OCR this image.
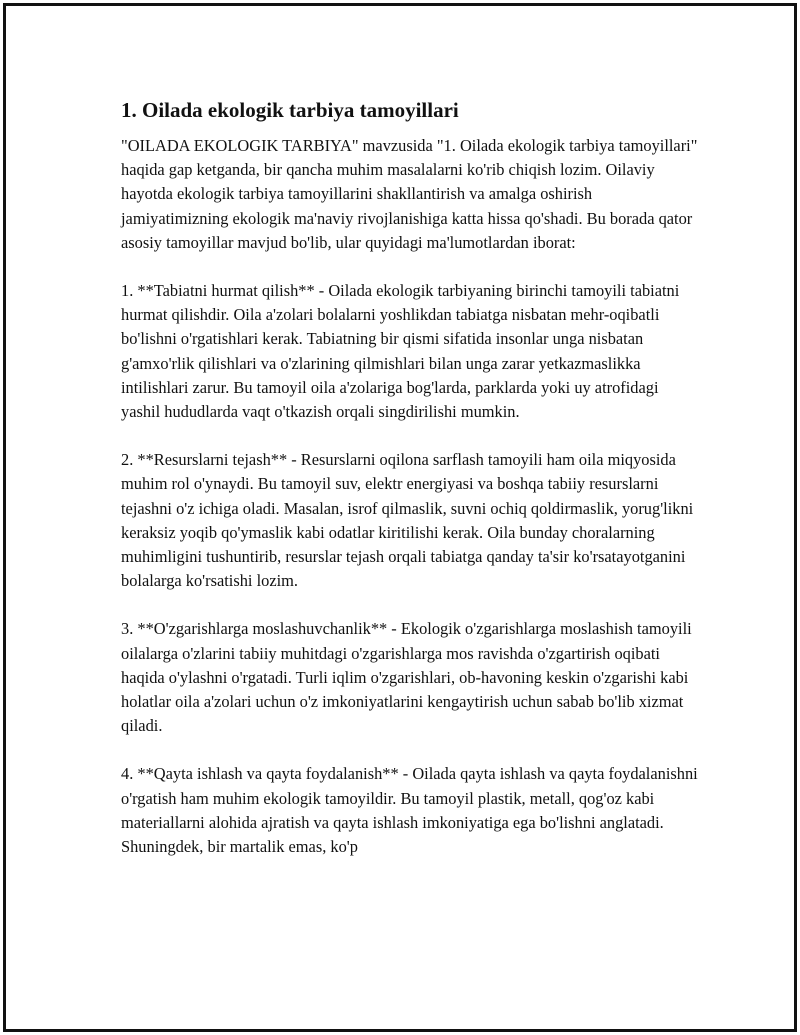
1. Oilada ekologik tarbiya tamoyillari

"OILADA EKOLOGIK TARBIYA" mavzusida "1. Oilada ekologik tarbiya tamoyillari" haqida gap ketganda, bir qancha muhim masalalarni ko'rib chiqish lozim. Oilaviy hayotda ekologik tarbiya tamoyillarini shakllantirish va amalga oshirish jamiyatimizning ekologik ma'naviy rivojlanishiga katta hissa qo'shadi. Bu borada qator asosiy tamoyillar mavjud bo'lib, ular quyidagi ma'lumotlardan iborat:

1. **Tabiatni hurmat qilish** - Oilada ekologik tarbiyaning birinchi tamoyili tabiatni hurmat qilishdir. Oila a'zolari bolalarni yoshlikdan tabiatga nisbatan mehr-oqibatli bo'lishni o'rgatishlari kerak. Tabiatning bir qismi sifatida insonlar unga nisbatan g'amxo'rlik qilishlari va o'zlarining qilmishlari bilan unga zarar yetkazmaslikka intilishlari zarur. Bu tamoyil oila a'zolariga bog'larda, parklarda yoki uy atrofidagi yashil hududlarda vaqt o'tkazish orqali singdirilishi mumkin.

2. **Resurslarni tejash** - Resurslarni oqilona sarflash tamoyili ham oila miqyosida muhim rol o'ynaydi. Bu tamoyil suv, elektr energiyasi va boshqa tabiiy resurslarni tejashni o'z ichiga oladi. Masalan, isrof qilmaslik, suvni ochiq qoldirmaslik, yorug'likni keraksiz yoqib qo'ymaslik kabi odatlar kiritilishi kerak. Oila bunday choralarning muhimligini tushuntirib, resurslar tejash orqali tabiatga qanday ta'sir ko'rsatayotganini bolalarga ko'rsatishi lozim.

3. **O'zgarishlarga moslashuvchanlik** - Ekologik o'zgarishlarga moslashish tamoyili oilalarga o'zlarini tabiiy muhitdagi o'zgarishlarga mos ravishda o'zgartirish oqibati haqida o'ylashni o'rgatadi. Turli iqlim o'zgarishlari, ob-havoning keskin o'zgarishi kabi holatlar oila a'zolari uchun o'z imkoniyatlarini kengaytirish uchun sabab bo'lib xizmat qiladi.

4. **Qayta ishlash va qayta foydalanish** - Oilada qayta ishlash va qayta foydalanishni o'rgatish ham muhim ekologik tamoyildir. Bu tamoyil plastik, metall, qog'oz kabi materiallarni alohida ajratish va qayta ishlash imkoniyatiga ega bo'lishni anglatadi. Shuningdek, bir martalik emas, ko'p
